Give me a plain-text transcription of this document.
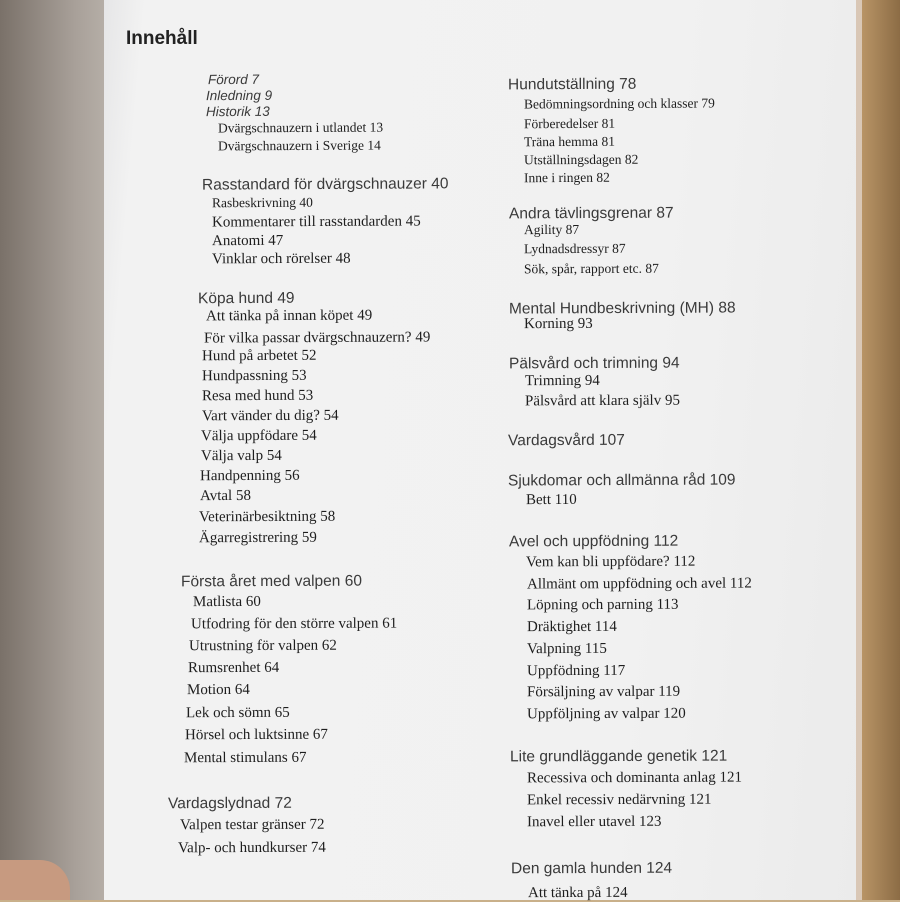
Innehåll
Förord 7
Inledning 9
Historik 13
Dvärgschnauzern i utlandet 13
Dvärgschnauzern i Sverige 14
Rasstandard för dvärgschnauzer 40
Rasbeskrivning 40
Kommentarer till rasstandarden 45
Anatomi 47
Vinklar och rörelser 48
Köpa hund 49
Att tänka på innan köpet 49
För vilka passar dvärgschnauzern? 49
Hund på arbetet 52
Hundpassning 53
Resa med hund 53
Vart vänder du dig? 54
Välja uppfödare 54
Välja valp 54
Handpenning 56
Avtal 58
Veterinärbesiktning 58
Ägarregistrering 59
Första året med valpen 60
Matlista 60
Utfodring för den större valpen 61
Utrustning för valpen 62
Rumsrenhet 64
Motion 64
Lek och sömn 65
Hörsel och luktsinne 67
Mental stimulans 67
Vardagslydnad 72
Valpen testar gränser 72
Valp- och hundkurser 74
Hundutställning 78
Bedömningsordning och klasser 79
Förberedelser 81
Träna hemma 81
Utställningsdagen 82
Inne i ringen 82
Andra tävlingsgrenar 87
Agility 87
Lydnadsdressyr 87
Sök, spår, rapport etc. 87
Mental Hundbeskrivning (MH) 88
Korning 93
Pälsvård och trimning 94
Trimning 94
Pälsvård att klara själv 95
Vardagsvård 107
Sjukdomar och allmänna råd 109
Bett 110
Avel och uppfödning 112
Vem kan bli uppfödare? 112
Allmänt om uppfödning och avel 112
Löpning och parning 113
Dräktighet 114
Valpning 115
Uppfödning 117
Försäljning av valpar 119
Uppföljning av valpar 120
Lite grundläggande genetik 121
Recessiva och dominanta anlag 121
Enkel recessiv nedärvning 121
Inavel eller utavel 123
Den gamla hunden 124
Att tänka på 124
